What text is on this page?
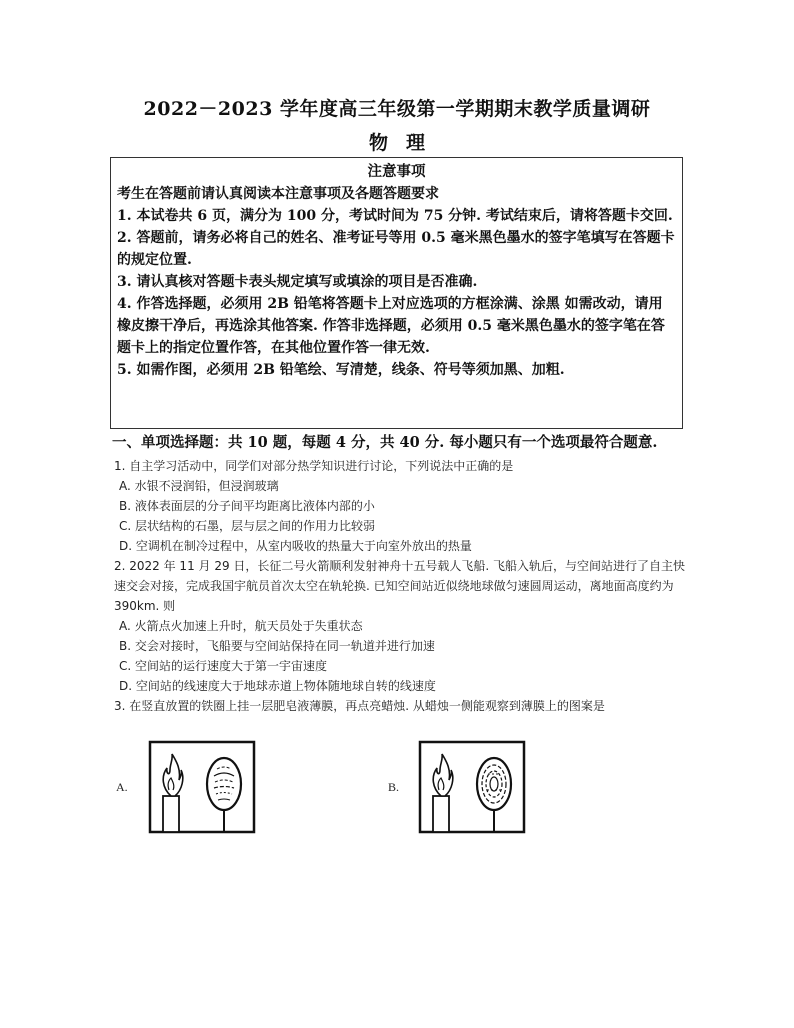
2022－2023 学年度高三年级第一学期期末教学质量调研
物理
注意事项

考生在答题前请认真阅读本注意事项及各题答题要求

1. 本试卷共 6 页，满分为 100 分，考试时间为 75 分钟. 考试结束后，请将答题卡交回.

2. 答题前，请务必将自己的姓名、准考证号等用 0.5 毫米黑色墨水的签字笔填写在答题卡的规定位置.

3. 请认真核对答题卡表头规定填写或填涂的项目是否准确.

4. 作答选择题，必须用 2B 铅笔将答题卡上对应选项的方框涂满、涂黑 如需改动，请用橡皮擦干净后，再选涂其他答案. 作答非选择题，必须用 0.5 毫米黑色墨水的签字笔在答题卡上的指定位置作答，在其他位置作答一律无效.

5. 如需作图，必须用 2B 铅笔绘、写清楚，线条、符号等须加黑、加粗.

一、单项选择题：共 10 题，每题 4 分，共 40 分. 每小题只有一个选项最符合题意.

1. 自主学习活动中，同学们对部分热学知识进行讨论，下列说法中正确的是

A. 水银不浸润铅，但浸润玻璃

B. 液体表面层的分子间平均距离比液体内部的小

C. 层状结构的石墨，层与层之间的作用力比较弱

D. 空调机在制冷过程中，从室内吸收的热量大于向室外放出的热量

2. 2022 年 11 月 29 日，长征二号火箭顺利发射神舟十五号载人飞船. 飞船入轨后，与空间站进行了自主快速交会对接，完成我国宇航员首次太空在轨轮换. 已知空间站近似绕地球做匀速圆周运动，离地面高度约为 390km. 则

A. 火箭点火加速上升时，航天员处于失重状态

B. 交会对接时，飞船要与空间站保持在同一轨道并进行加速

C. 空间站的运行速度大于第一宇宙速度

D. 空间站的线速度大于地球赤道上物体随地球自转的线速度

3. 在竖直放置的铁圈上挂一层肥皂液薄膜，再点亮蜡烛. 从蜡烛一侧能观察到薄膜上的图案是

A.	B.
